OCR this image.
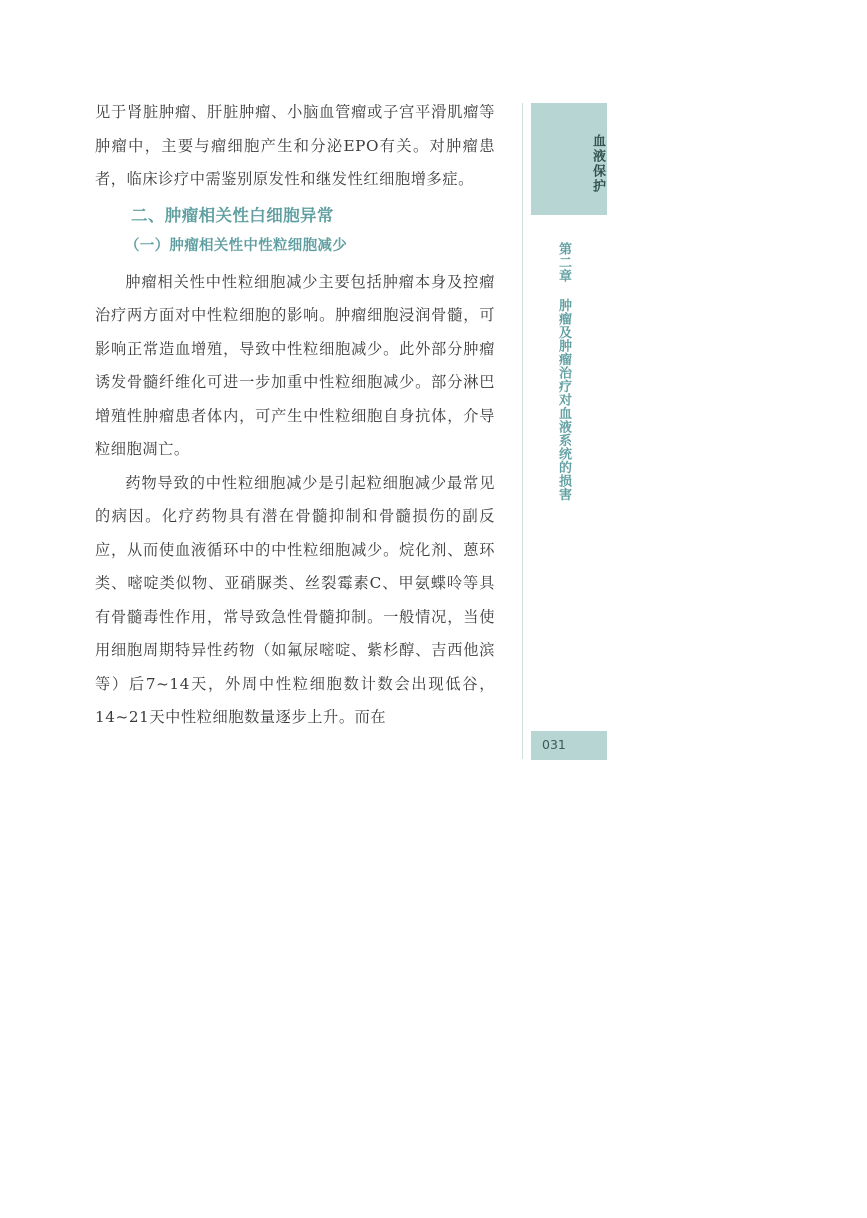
见于肾脏肿瘤、肝脏肿瘤、小脑血管瘤或子宫平滑肌瘤等肿瘤中，主要与瘤细胞产生和分泌EPO有关。对肿瘤患者，临床诊疗中需鉴别原发性和继发性红细胞增多症。

二、肿瘤相关性白细胞异常
（一）肿瘤相关性中性粒细胞减少

肿瘤相关性中性粒细胞减少主要包括肿瘤本身及控瘤治疗两方面对中性粒细胞的影响。肿瘤细胞浸润骨髓，可影响正常造血增殖，导致中性粒细胞减少。此外部分肿瘤诱发骨髓纤维化可进一步加重中性粒细胞减少。部分淋巴增殖性肿瘤患者体内，可产生中性粒细胞自身抗体，介导粒细胞凋亡。

药物导致的中性粒细胞减少是引起粒细胞减少最常见的病因。化疗药物具有潜在骨髓抑制和骨髓损伤的副反应，从而使血液循环中的中性粒细胞减少。烷化剂、蒽环类、嘧啶类似物、亚硝脲类、丝裂霉素C、甲氨蝶呤等具有骨髓毒性作用，常导致急性骨髓抑制。一般情况，当使用细胞周期特异性药物（如氟尿嘧啶、紫杉醇、吉西他滨等）后7~14天，外周中性粒细胞数计数会出现低谷，14~21天中性粒细胞数量逐步上升。而在

血液保护
第二章肿瘤及肿瘤治疗对血液系统的损害
031
